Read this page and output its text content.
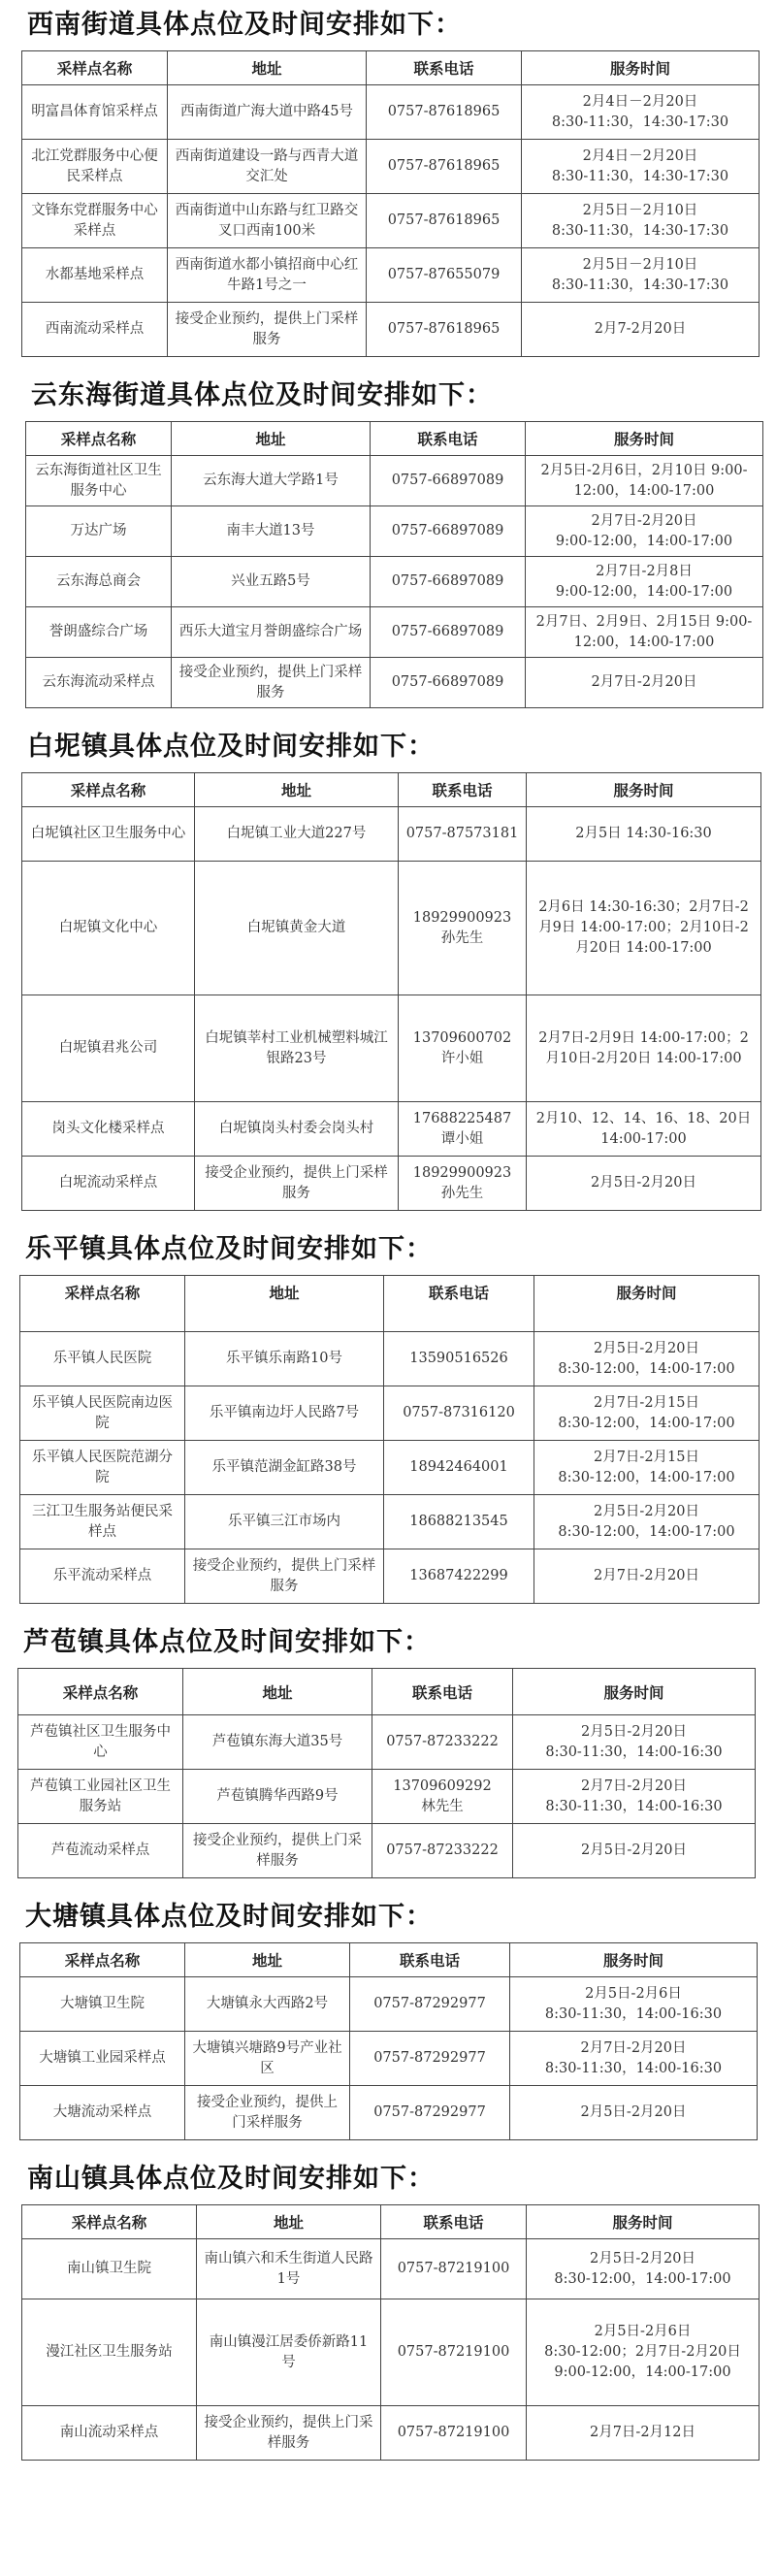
西南街道具体点位及时间安排如下：
采样点名称	地址	联系电话	服务时间
明富昌体育馆采样点	西南街道广海大道中路45号	0757-87618965	2月4日－2月20日
8:30-11:30，14:30-17:30
北江党群服务中心便民采样点	西南街道建设一路与西青大道交汇处	0757-87618965	2月4日－2月20日
8:30-11:30，14:30-17:30
文锋东党群服务中心采样点	西南街道中山东路与红卫路交叉口西南100米	0757-87618965	2月5日－2月10日
8:30-11:30，14:30-17:30
水都基地采样点	西南街道水都小镇招商中心红牛路1号之一	0757-87655079	2月5日－2月10日
8:30-11:30，14:30-17:30
西南流动采样点	接受企业预约，提供上门采样服务	0757-87618965	2月7-2月20日
云东海街道具体点位及时间安排如下：
采样点名称	地址	联系电话	服务时间
云东海街道社区卫生服务中心	云东海大道大学路1号	0757-66897089	2月5日-2月6日，2月10日 9:00-12:00，14:00-17:00
万达广场	南丰大道13号	0757-66897089	2月7日-2月20日
9:00-12:00，14:00-17:00
云东海总商会	兴业五路5号	0757-66897089	2月7日-2月8日
9:00-12:00，14:00-17:00
誉朗盛综合广场	西乐大道宝月誉朗盛综合广场	0757-66897089	2月7日、2月9日、2月15日 9:00-12:00，14:00-17:00
云东海流动采样点	接受企业预约，提供上门采样服务	0757-66897089	2月7日-2月20日
白坭镇具体点位及时间安排如下：
采样点名称	地址	联系电话	服务时间
白坭镇社区卫生服务中心	白坭镇工业大道227号	0757-87573181	2月5日 14:30-16:30
白坭镇文化中心	白坭镇黄金大道	18929900923
孙先生	2月6日 14:30-16:30；2月7日-2月9日 14:00-17:00；2月10日-2月20日 14:00-17:00
白坭镇君兆公司	白坭镇莘村工业机械塑料城江银路23号	13709600702
许小姐	2月7日-2月9日 14:00-17:00；2月10日-2月20日 14:00-17:00
岗头文化楼采样点	白坭镇岗头村委会岗头村	17688225487
谭小姐	2月10、12、14、16、18、20日 14:00-17:00
白坭流动采样点	接受企业预约，提供上门采样服务	18929900923
孙先生	2月5日-2月20日
乐平镇具体点位及时间安排如下：
采样点名称	地址	联系电话	服务时间
乐平镇人民医院	乐平镇乐南路10号	13590516526	2月5日-2月20日
8:30-12:00，14:00-17:00
乐平镇人民医院南边医院	乐平镇南边圩人民路7号	0757-87316120	2月7日-2月15日
8:30-12:00，14:00-17:00
乐平镇人民医院范湖分院	乐平镇范湖金缸路38号	18942464001	2月7日-2月15日
8:30-12:00，14:00-17:00
三江卫生服务站便民采样点	乐平镇三江市场内	18688213545	2月5日-2月20日
8:30-12:00，14:00-17:00
乐平流动采样点	接受企业预约，提供上门采样服务	13687422299	2月7日-2月20日
芦苞镇具体点位及时间安排如下：
采样点名称	地址	联系电话	服务时间
芦苞镇社区卫生服务中心	芦苞镇东海大道35号	0757-87233222	2月5日-2月20日
8:30-11:30，14:00-16:30
芦苞镇工业园社区卫生服务站	芦苞镇腾华西路9号	13709609292
林先生	2月7日-2月20日
8:30-11:30，14:00-16:30
芦苞流动采样点	接受企业预约，提供上门采样服务	0757-87233222	2月5日-2月20日
大塘镇具体点位及时间安排如下：
采样点名称	地址	联系电话	服务时间
大塘镇卫生院	大塘镇永大西路2号	0757-87292977	2月5日-2月6日
8:30-11:30，14:00-16:30
大塘镇工业园采样点	大塘镇兴塘路9号产业社区	0757-87292977	2月7日-2月20日
8:30-11:30，14:00-16:30
大塘流动采样点	接受企业预约，提供上门采样服务	0757-87292977	2月5日-2月20日
南山镇具体点位及时间安排如下：
采样点名称	地址	联系电话	服务时间
南山镇卫生院	南山镇六和禾生街道人民路1号	0757-87219100	2月5日-2月20日
8:30-12:00，14:00-17:00
漫江社区卫生服务站	南山镇漫江居委侨新路11号	0757-87219100	2月5日-2月6日
8:30-12:00；2月7日-2月20日
9:00-12:00，14:00-17:00
南山流动采样点	接受企业预约，提供上门采样服务	0757-87219100	2月7日-2月12日
